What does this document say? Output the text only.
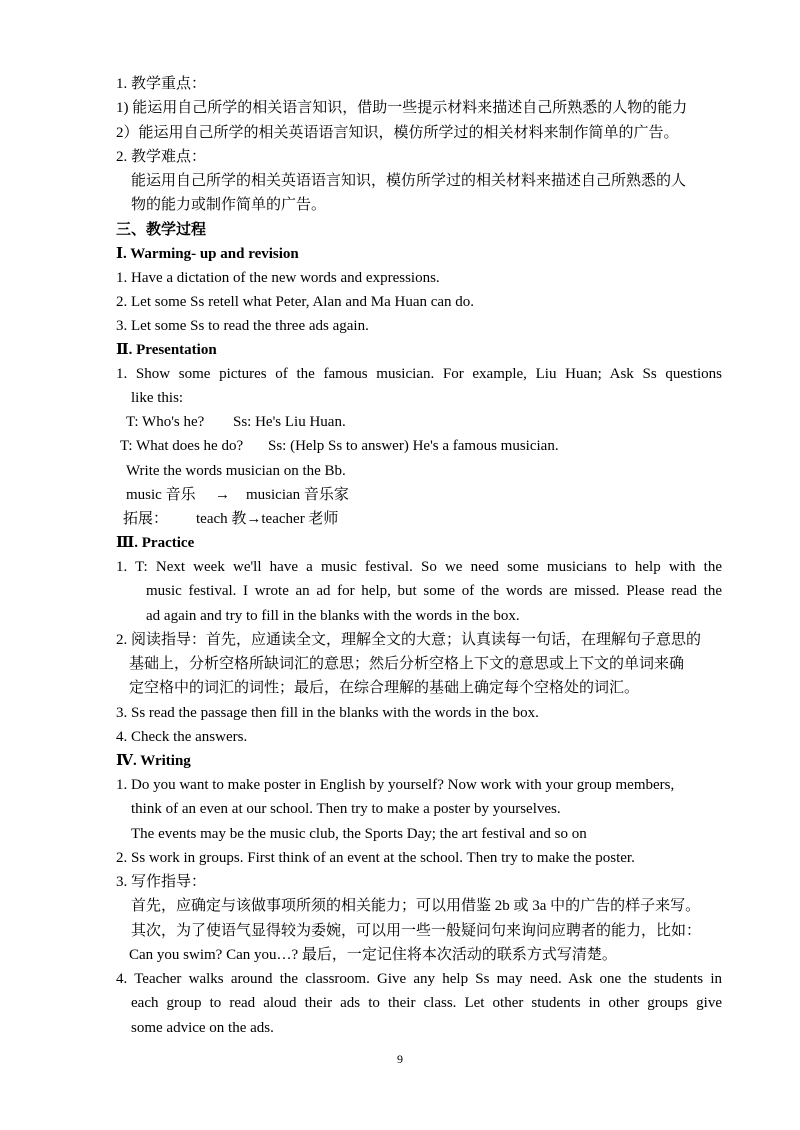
1. 教学重点：
1) 能运用自己所学的相关语言知识，借助一些提示材料来描述自己所熟悉的人物的能力
2）能运用自己所学的相关英语语言知识，模仿所学过的相关材料来制作简单的广告。
2. 教学难点：
能运用自己所学的相关英语语言知识，模仿所学过的相关材料来描述自己所熟悉的人
物的能力或制作简单的广告。
三、教学过程
Ⅰ. Warming- up and revision
1. Have a dictation of the new words and expressions.
2. Let some Ss retell what Peter, Alan and Ma Huan can do.
3. Let some Ss to read the three ads again.
Ⅱ. Presentation
1. Show some pictures of the famous musician. For example, Liu Huan; Ask Ss questions
like this:
T: Who's he? Ss: He's Liu Huan.
T: What does he do? Ss: (Help Ss to answer) He's a famous musician.
Write the words musician on the Bb.
music 音乐 → musician 音乐家
拓展： teach 教→teacher 老师
Ⅲ. Practice
1. T: Next week we'll have a music festival. So we need some musicians to help with the
music festival. I wrote an ad for help, but some of the words are missed. Please read the
ad again and try to fill in the blanks with the words in the box.
2. 阅读指导：首先，应通读全文，理解全文的大意；认真读每一句话，在理解句子意思的
基础上，分析空格所缺词汇的意思；然后分析空格上下文的意思或上下文的单词来确
定空格中的词汇的词性；最后，在综合理解的基础上确定每个空格处的词汇。
3. Ss read the passage then fill in the blanks with the words in the box.
4. Check the answers.
Ⅳ. Writing
1. Do you want to make poster in English by yourself? Now work with your group members,
think of an even at our school. Then try to make a poster by yourselves.
The events may be the music club, the Sports Day; the art festival and so on
2. Ss work in groups. First think of an event at the school. Then try to make the poster.
3. 写作指导：
首先，应确定与该做事项所须的相关能力；可以用借鉴 2b 或 3a 中的广告的样子来写。
其次，为了使语气显得较为委婉，可以用一些一般疑问句来询问应聘者的能力，比如：
Can you swim? Can you…? 最后，一定记住将本次活动的联系方式写清楚。
4. Teacher walks around the classroom. Give any help Ss may need. Ask one the students in
each group to read aloud their ads to their class. Let other students in other groups give
some advice on the ads.
9
